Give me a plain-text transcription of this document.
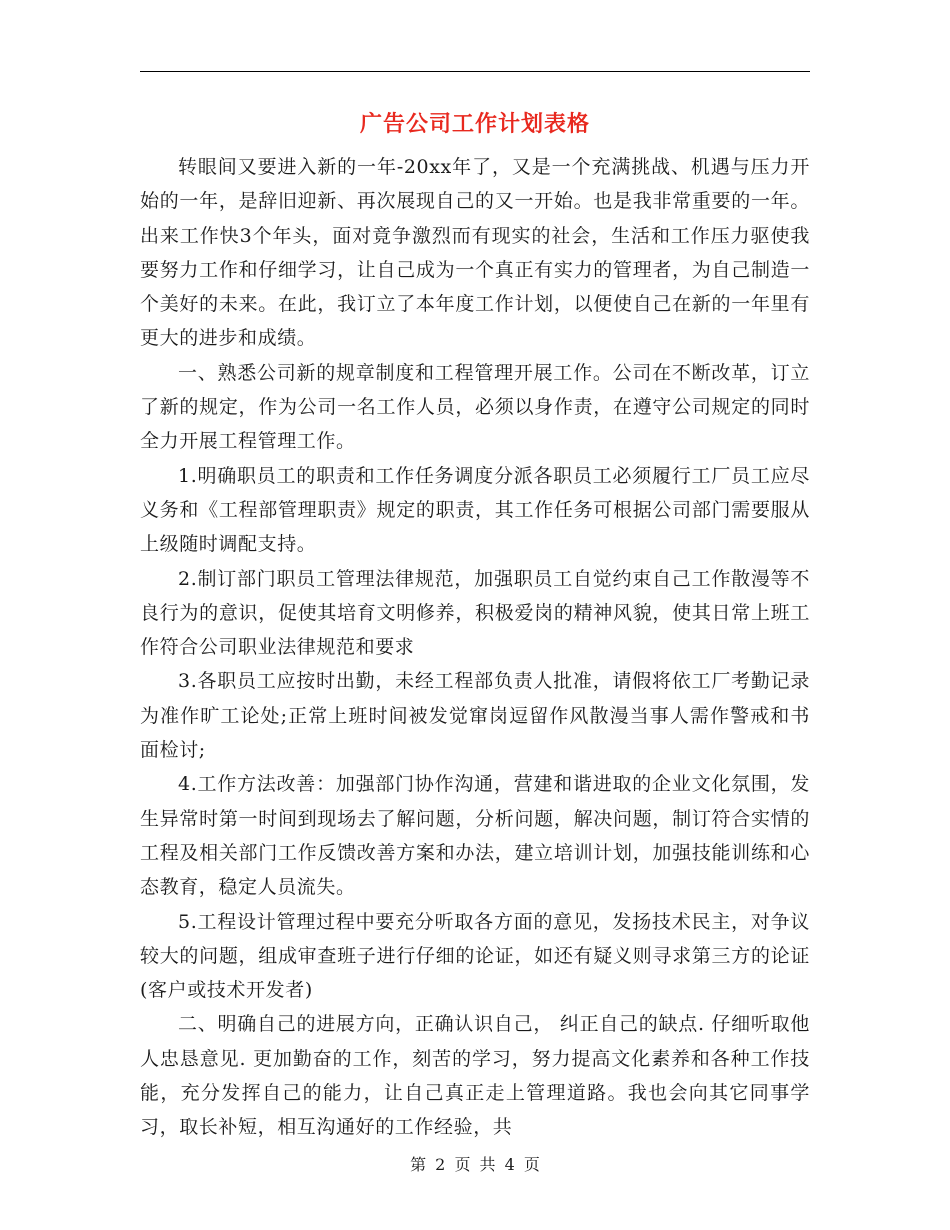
广告公司工作计划表格

转眼间又要进入新的一年-20xx年了，又是一个充满挑战、机遇与压力开始的一年，是辞旧迎新、再次展现自己的又一开始。也是我非常重要的一年。出来工作快3个年头，面对竟争激烈而有现实的社会，生活和工作压力驱使我要努力工作和仔细学习，让自己成为一个真正有实力的管理者，为自己制造一个美好的未来。在此，我订立了本年度工作计划，以便使自己在新的一年里有更大的进步和成绩。

一、熟悉公司新的规章制度和工程管理开展工作。公司在不断改革，订立了新的规定，作为公司一名工作人员，必须以身作责，在遵守公司规定的同时全力开展工程管理工作。

1.明确职员工的职责和工作任务调度分派各职员工必须履行工厂员工应尽义务和《工程部管理职责》规定的职责，其工作任务可根据公司部门需要服从上级随时调配支持。

2.制订部门职员工管理法律规范，加强职员工自觉约束自己工作散漫等不良行为的意识，促使其培育文明修养，积极爱岗的精神风貌，使其日常上班工作符合公司职业法律规范和要求

3.各职员工应按时出勤，未经工程部负责人批准，请假将依工厂考勤记录为准作旷工论处;正常上班时间被发觉窜岗逗留作风散漫当事人需作警戒和书面检讨;

4.工作方法改善：加强部门协作沟通，营建和谐进取的企业文化氛围，发生异常时第一时间到现场去了解问题，分析问题，解决问题，制订符合实情的工程及相关部门工作反馈改善方案和办法，建立培训计划，加强技能训练和心态教育，稳定人员流失。

5.工程设计管理过程中要充分听取各方面的意见，发扬技术民主，对争议较大的问题，组成审查班子进行仔细的论证，如还有疑义则寻求第三方的论证(客户或技术开发者)

二、明确自己的进展方向，正确认识自己， 纠正自己的缺点. 仔细听取他人忠恳意见. 更加勤奋的工作，刻苦的学习，努力提高文化素养和各种工作技能，充分发挥自己的能力，让自己真正走上管理道路。我也会向其它同事学习，取长补短，相互沟通好的工作经验，共

第 2 页 共 4 页
